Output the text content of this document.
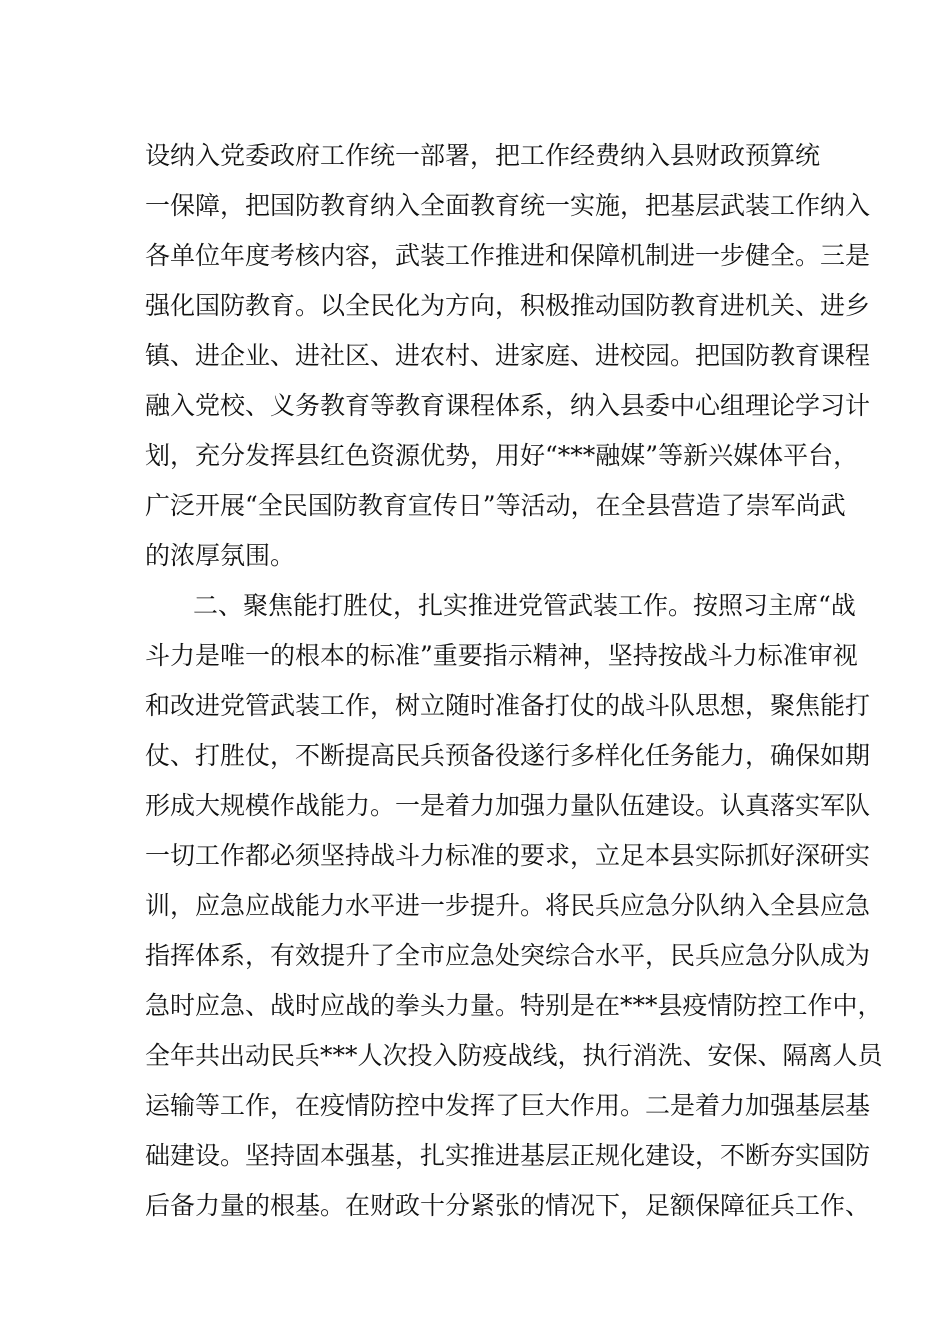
设纳入党委政府工作统一部署，把工作经费纳入县财政预算统
一保障，把国防教育纳入全面教育统一实施，把基层武装工作纳入
各单位年度考核内容，武装工作推进和保障机制进一步健全。三是
强化国防教育。以全民化为方向，积极推动国防教育进机关、进乡
镇、进企业、进社区、进农村、进家庭、进校园。把国防教育课程
融入党校、义务教育等教育课程体系，纳入县委中心组理论学习计
划，充分发挥县红色资源优势，用好“***融媒”等新兴媒体平台，
广泛开展“全民国防教育宣传日”等活动，在全县营造了崇军尚武
的浓厚氛围。
二、聚焦能打胜仗，扎实推进党管武装工作。按照习主席“战
斗力是唯一的根本的标准”重要指示精神，坚持按战斗力标准审视
和改进党管武装工作，树立随时准备打仗的战斗队思想，聚焦能打
仗、打胜仗，不断提高民兵预备役遂行多样化任务能力，确保如期
形成大规模作战能力。一是着力加强力量队伍建设。认真落实军队
一切工作都必须坚持战斗力标准的要求，立足本县实际抓好深研实
训，应急应战能力水平进一步提升。将民兵应急分队纳入全县应急
指挥体系，有效提升了全市应急处突综合水平，民兵应急分队成为
急时应急、战时应战的拳头力量。特别是在***县疫情防控工作中，
全年共出动民兵***人次投入防疫战线，执行消洗、安保、隔离人员
运输等工作，在疫情防控中发挥了巨大作用。二是着力加强基层基
础建设。坚持固本强基，扎实推进基层正规化建设，不断夯实国防
后备力量的根基。在财政十分紧张的情况下，足额保障征兵工作、
